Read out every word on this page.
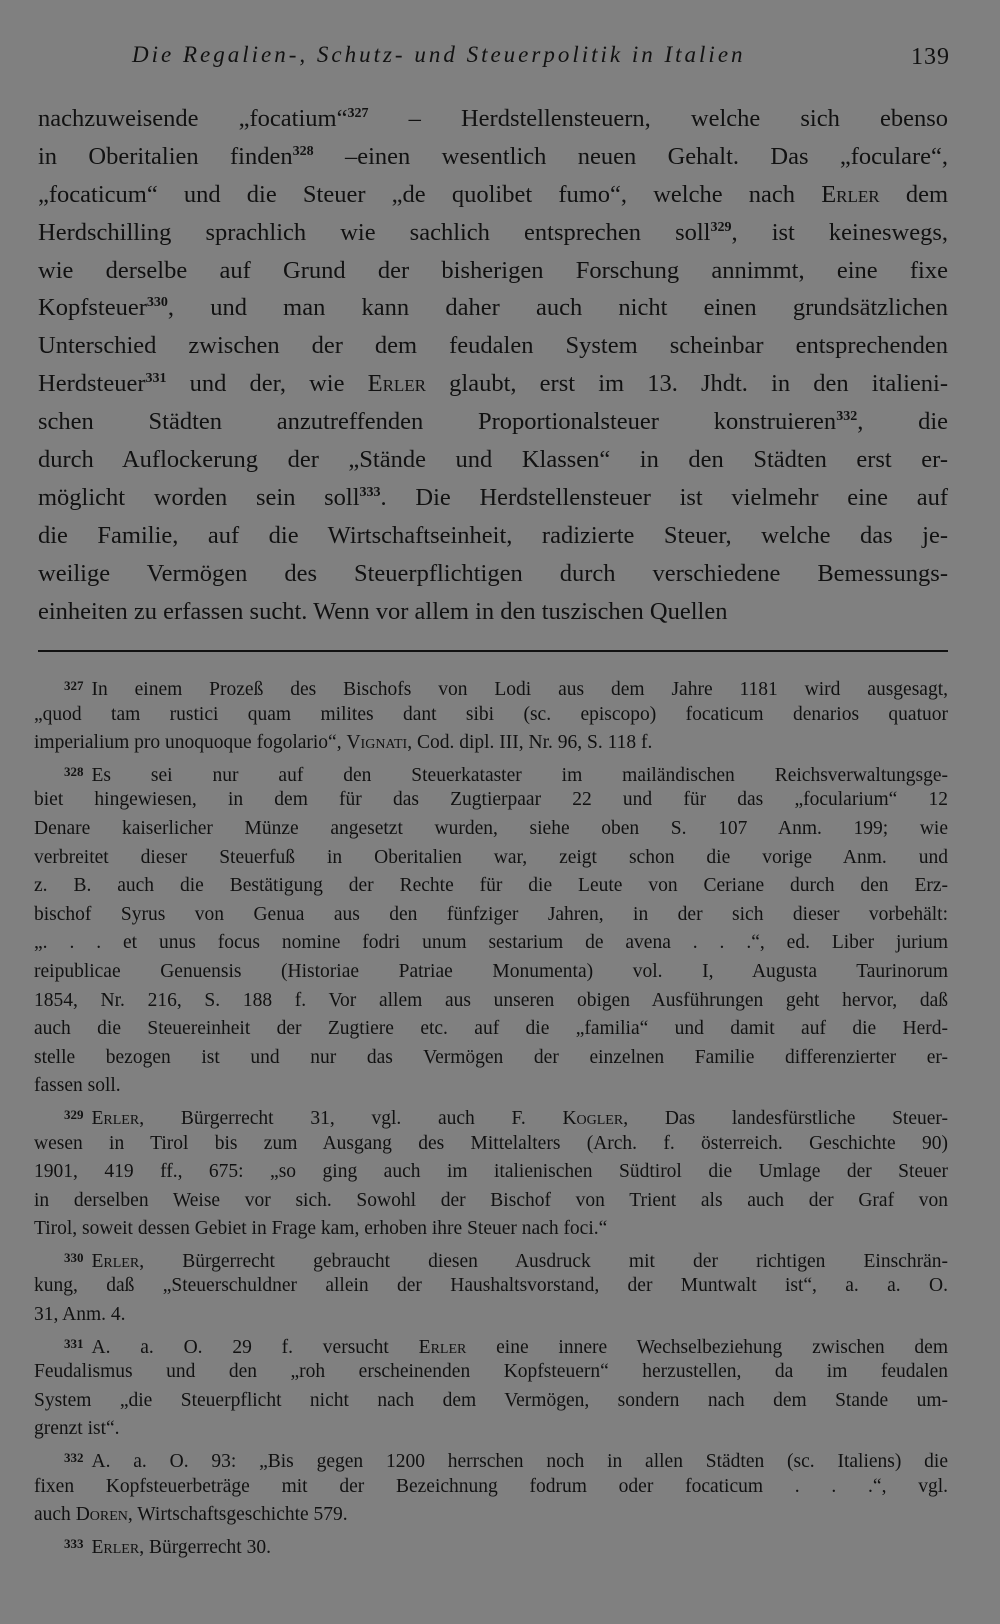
Die Regalien-, Schutz- und Steuerpolitik in Italien	139
nachzuweisende „focatium“$^{327}$ – Herdstellensteuern, welche sich ebenso
in Oberitalien finden$^{328}$ –einen wesentlich neuen Gehalt. Das „foculare“,
„focaticum“ und die Steuer „de quolibet fumo“, welche nach Erler dem
Herdschilling sprachlich wie sachlich entsprechen soll$^{329}$, ist keineswegs,
wie derselbe auf Grund der bisherigen Forschung annimmt, eine fixe
Kopfsteuer$^{330}$, und man kann daher auch nicht einen grundsätzlichen
Unterschied zwischen der dem feudalen System scheinbar entsprechenden
Herdsteuer$^{331}$ und der, wie Erler glaubt, erst im 13. Jhdt. in den italieni-
schen Städten anzutreffenden Proportionalsteuer konstruieren$^{332}$, die
durch Auflockerung der „Stände und Klassen“ in den Städten erst er-
möglicht worden sein soll$^{333}$. Die Herdstellensteuer ist vielmehr eine auf
die Familie, auf die Wirtschaftseinheit, radizierte Steuer, welche das je-
weilige Vermögen des Steuerpflichtigen durch verschiedene Bemessungs-
einheiten zu erfassen sucht. Wenn vor allem in den tuszischen Quellen
$^{327}$ In einem Prozeß des Bischofs von Lodi aus dem Jahre 1181 wird ausgesagt,
„quod tam rustici quam milites dant sibi (sc. episcopo) focaticum denarios quatuor
imperialium pro unoquoque fogolario“, Vignati, Cod. dipl. III, Nr. 96, S. 118 f.
$^{328}$ Es sei nur auf den Steuerkataster im mailändischen Reichsverwaltungsge-
biet hingewiesen, in dem für das Zugtierpaar 22 und für das „focularium“ 12
Denare kaiserlicher Münze angesetzt wurden, siehe oben S. 107 Anm. 199; wie
verbreitet dieser Steuerfuß in Oberitalien war, zeigt schon die vorige Anm. und
z. B. auch die Bestätigung der Rechte für die Leute von Ceriane durch den Erz-
bischof Syrus von Genua aus den fünfziger Jahren, in der sich dieser vorbehält:
„. . . et unus focus nomine fodri unum sestarium de avena . . .“, ed. Liber jurium
reipublicae Genuensis (Historiae Patriae Monumenta) vol. I, Augusta Taurinorum
1854, Nr. 216, S. 188 f. Vor allem aus unseren obigen Ausführungen geht hervor, daß
auch die Steuereinheit der Zugtiere etc. auf die „familia“ und damit auf die Herd-
stelle bezogen ist und nur das Vermögen der einzelnen Familie differenzierter er-
fassen soll.
$^{329}$ Erler, Bürgerrecht 31, vgl. auch F. Kogler, Das landesfürstliche Steuer-
wesen in Tirol bis zum Ausgang des Mittelalters (Arch. f. österreich. Geschichte 90)
1901, 419 ff., 675: „so ging auch im italienischen Südtirol die Umlage der Steuer
in derselben Weise vor sich. Sowohl der Bischof von Trient als auch der Graf von
Tirol, soweit dessen Gebiet in Frage kam, erhoben ihre Steuer nach foci.“
$^{330}$ Erler, Bürgerrecht gebraucht diesen Ausdruck mit der richtigen Einschrän-
kung, daß „Steuerschuldner allein der Haushaltsvorstand, der Muntwalt ist“, a. a. O.
31, Anm. 4.
$^{331}$ A. a. O. 29 f. versucht Erler eine innere Wechselbeziehung zwischen dem
Feudalismus und den „roh erscheinenden Kopfsteuern“ herzustellen, da im feudalen
System „die Steuerpflicht nicht nach dem Vermögen, sondern nach dem Stande um-
grenzt ist“.
$^{332}$ A. a. O. 93: „Bis gegen 1200 herrschen noch in allen Städten (sc. Italiens) die
fixen Kopfsteuerbeträge mit der Bezeichnung fodrum oder focaticum . . .“, vgl.
auch Doren, Wirtschaftsgeschichte 579.
$^{333}$ Erler, Bürgerrecht 30.
